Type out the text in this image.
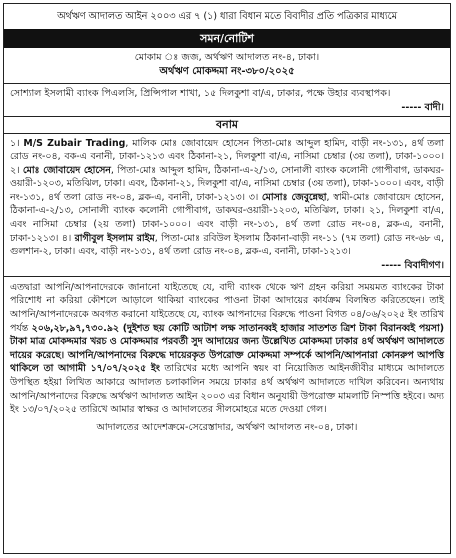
অর্থঋণ আদালত আইন ২০০৩ এর ৭ (১) ধারা বিধান মতে বিবাদীর প্রতি পত্রিকার মাধ্যমে
সমন/নোটিশ
মোকাম ঃ জজ, অর্থঋণ আদালত নং-৪, ঢাকা।
অর্থঋণ মোকদ্দমা নং-৩৮০/২০২৫
সোশ্যাল ইসলামী ব্যাংক পিএলসি, প্রিন্সিপাল শাখা, ১৫ দিলকুশা বা/এ, ঢাকার, পক্ষে উহার ব্যবস্থাপক।
----- বাদী।
বনাম
১। M/S Zubair Trading, মালিক মোঃ জোবায়েদ হোসেন পিতা-মোঃ আব্দুল হামিদ, বাড়ী নং-১৩১, ৪র্থ তলা রোড নং-০৪, বক-এ বনানী, ঢাকা-১২১৩ এবং ঠিকানা-২১, দিলকুশা বা/এ, নাসিমা চেম্বার (৩য় তলা), ঢাকা-১০০০। ২। মোঃ জোবায়েদ হোসেন, পিতা-মোঃ আব্দুল হামিদ, ঠিকানা-এ-২/১৩, সোনালী ব্যাংক কলোনী গোপীবাগ, ডাকঘর-ওয়ারী-১২০৩, মতিঝিল, ঢাকা। এবং, ঠিকানা-২১, দিলকুশা বা/এ, নাসিমা চেম্বার (৩য় তলা), ঢাকা-১০০০। এবং, বাড়ী নং-১৩১, ৪র্থ তলা রোড নং-০৪, ব্লক-এ, বনানী, ঢাকা-১২১৩। ৩। মোসাঃ জেবুন্নেছা, স্বামী-মোঃ জোবায়েদ হোসেন, ঠিকানা-এ-২/১৩, সোনালী ব্যাংক কলোনী গোপীবাগ, ডাকঘর-ওয়ারী-১২০৩, মতিঝিল, ঢাকা। ২১, দিলকুশা বা/এ, এবং নাসিমা চেম্বার (২য় তলা) ঢাকা-১০০০। এবং বাড়ী নং-১৩১, ৪র্থ তলা রোড নং-০৪, ব্লক-এ, বনানী, ঢাকা-১২১৩। ৪। রাগীবুল ইসলাম রাইম, পিতা-মোঃ রবিউল ইসলাম ঠিকানা-বাড়ী নং-১১ (৭ম তলা) রোড নং-৬৮ এ, গুলশান-২, ঢাকা। এবং, বাড়ী নং-১৩১, ৪র্থ তলা রোড নং-০৪, ব্লক-এ, বনানী, ঢাকা-১২১৩।
----- বিবাদীগণ।
এতদ্বারা আপনি/আপনাদেরকে জানানো যাইতেছে যে, বাদী ব্যাংক থেকে ঋণ গ্রহন করিয়া সময়মত ব্যাংকের টাকা পরিশোধ না করিয়া কৌশলে আড়ালে থাকিয়া ব্যাংকের পাওনা টাকা আদায়ের কার্যক্রম বিলম্বিত করিতেছেন। তাই আপনি/আপনাদেরকে অবগত করানো যাইতেছে যে, ব্যাংক আপনাদের বিরুদ্ধে পাওনা বিগত ০৪/০৬/২০২৫ ইং তারিখ পর্যন্ত ২০৬,২৮,৯৭,৭৩০.৯২ (দুইশত ছয় কোটি আটাশ লক্ষ সাতানব্বই হাজার সাতশত ত্রিশ টাকা বিরানব্বই পয়সা) টাকা মাত্র মোকদ্দমার খরচ ও মোকদ্দমার পরবর্তী সুদ আদায়ের জন্য উল্লেখিত মোকদ্দমা ঢাকার ৪র্থ অর্থঋণ আদালতে দায়ের করেছে। আপনি/আপনাদের বিরুদ্ধে দায়েরকৃত উপরোক্ত মোকদ্দমা সম্পর্কে আপনি/আপনারা কোনরুপ আপত্তি থাকিলে তা আগামী ১৭/০৭/২০২৫ ইং তারিখের মধ্যে আপনি স্বয়ং বা নিয়োজিত আইনজীবীর মাধ্যমে আদালতে উপস্থিত হইয়া লিখিত আকারে আদালত চলাকালিন সময়ে ঢাকার ৪র্থ অর্থঋণ আদালতে দাখিল করিবেন। অন্যথায় আপনি/আপনাদের বিরুদ্ধে অর্থঋণ আদালত আইন ২০০৩ এর বিধান অনুযায়ী উপরোক্ত মামলাটি নিস্পত্তি হইবে। অদ্য ইং ১৩/০৭/২০২৫ তারিখে আমার স্বাক্ষর ও আদালতের সীলমোহরে মতে দেওয়া গেল।
আদালতের আদেশক্রমে-সেরেস্তাদার, অর্থঋণ আদালত নং-০৪, ঢাকা।
